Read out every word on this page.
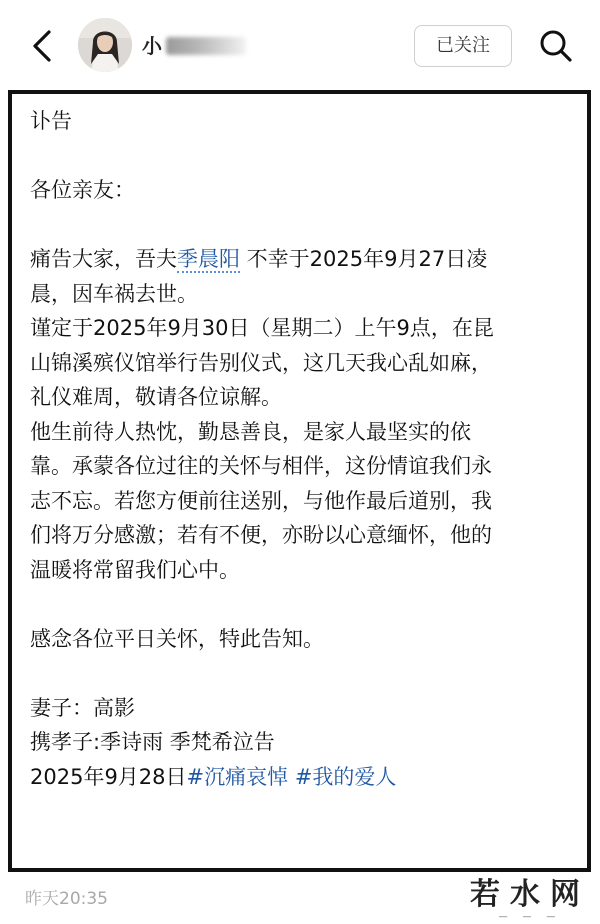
小	已关注
讣告
各位亲友：
痛告大家，吾夫季晨阳 不幸于2025年9月27日凌
晨，因车祸去世。
谨定于2025年9月30日（星期二）上午9点，在昆
山锦溪殡仪馆举行告别仪式，这几天我心乱如麻，
礼仪难周，敬请各位谅解。
他生前待人热忱，勤恳善良，是家人最坚实的依
靠。承蒙各位过往的关怀与相伴，这份情谊我们永
志不忘。若您方便前往送别，与他作最后道别，我
们将万分感激；若有不便，亦盼以心意缅怀，他的
温暖将常留我们心中。
感念各位平日关怀，特此告知。
妻子：高影
携孝子:季诗雨 季梵希泣告
2025年9月28日#沉痛哀悼 #我的爱人
昨天20:35	若水网
— — —
